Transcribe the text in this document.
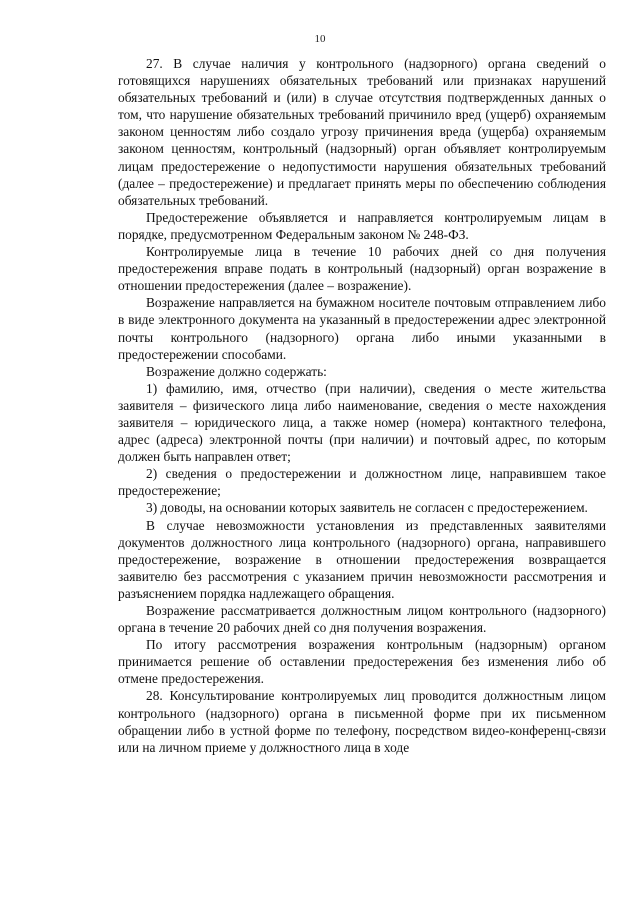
10

27. В случае наличия у контрольного (надзорного) органа сведений о готовящихся нарушениях обязательных требований или признаках нарушений обязательных требований и (или) в случае отсутствия подтвержденных данных о том, что нарушение обязательных требований причинило вред (ущерб) охраняемым законом ценностям либо создало угрозу причинения вреда (ущерба) охраняемым законом ценностям, контрольный (надзорный) орган объявляет контролируемым лицам предостережение о недопустимости нарушения обязательных требований (далее – предостережение) и предлагает принять меры по обеспечению соблюдения обязательных требований.

Предостережение объявляется и направляется контролируемым лицам в порядке, предусмотренном Федеральным законом № 248-ФЗ.

Контролируемые лица в течение 10 рабочих дней со дня получения предостережения вправе подать в контрольный (надзорный) орган возражение в отношении предостережения (далее – возражение).

Возражение направляется на бумажном носителе почтовым отправлением либо в виде электронного документа на указанный в предостережении адрес электронной почты контрольного (надзорного) органа либо иными указанными в предостережении способами.

Возражение должно содержать:

1) фамилию, имя, отчество (при наличии), сведения о месте жительства заявителя – физического лица либо наименование, сведения о месте нахождения заявителя – юридического лица, а также номер (номера) контактного телефона, адрес (адреса) электронной почты (при наличии) и почтовый адрес, по которым должен быть направлен ответ;

2) сведения о предостережении и должностном лице, направившем такое предостережение;

3) доводы, на основании которых заявитель не согласен с предостережением.

В случае невозможности установления из представленных заявителями документов должностного лица контрольного (надзорного) органа, направившего предостережение, возражение в отношении предостережения возвращается заявителю без рассмотрения с указанием причин невозможности рассмотрения и разъяснением порядка надлежащего обращения.

Возражение рассматривается должностным лицом контрольного (надзорного) органа в течение 20 рабочих дней со дня получения возражения.

По итогу рассмотрения возражения контрольным (надзорным) органом принимается решение об оставлении предостережения без изменения либо об отмене предостережения.

28. Консультирование контролируемых лиц проводится должностным лицом контрольного (надзорного) органа в письменной форме при их письменном обращении либо в устной форме по телефону, посредством видео-конференц-связи или на личном приеме у должностного лица в ходе
